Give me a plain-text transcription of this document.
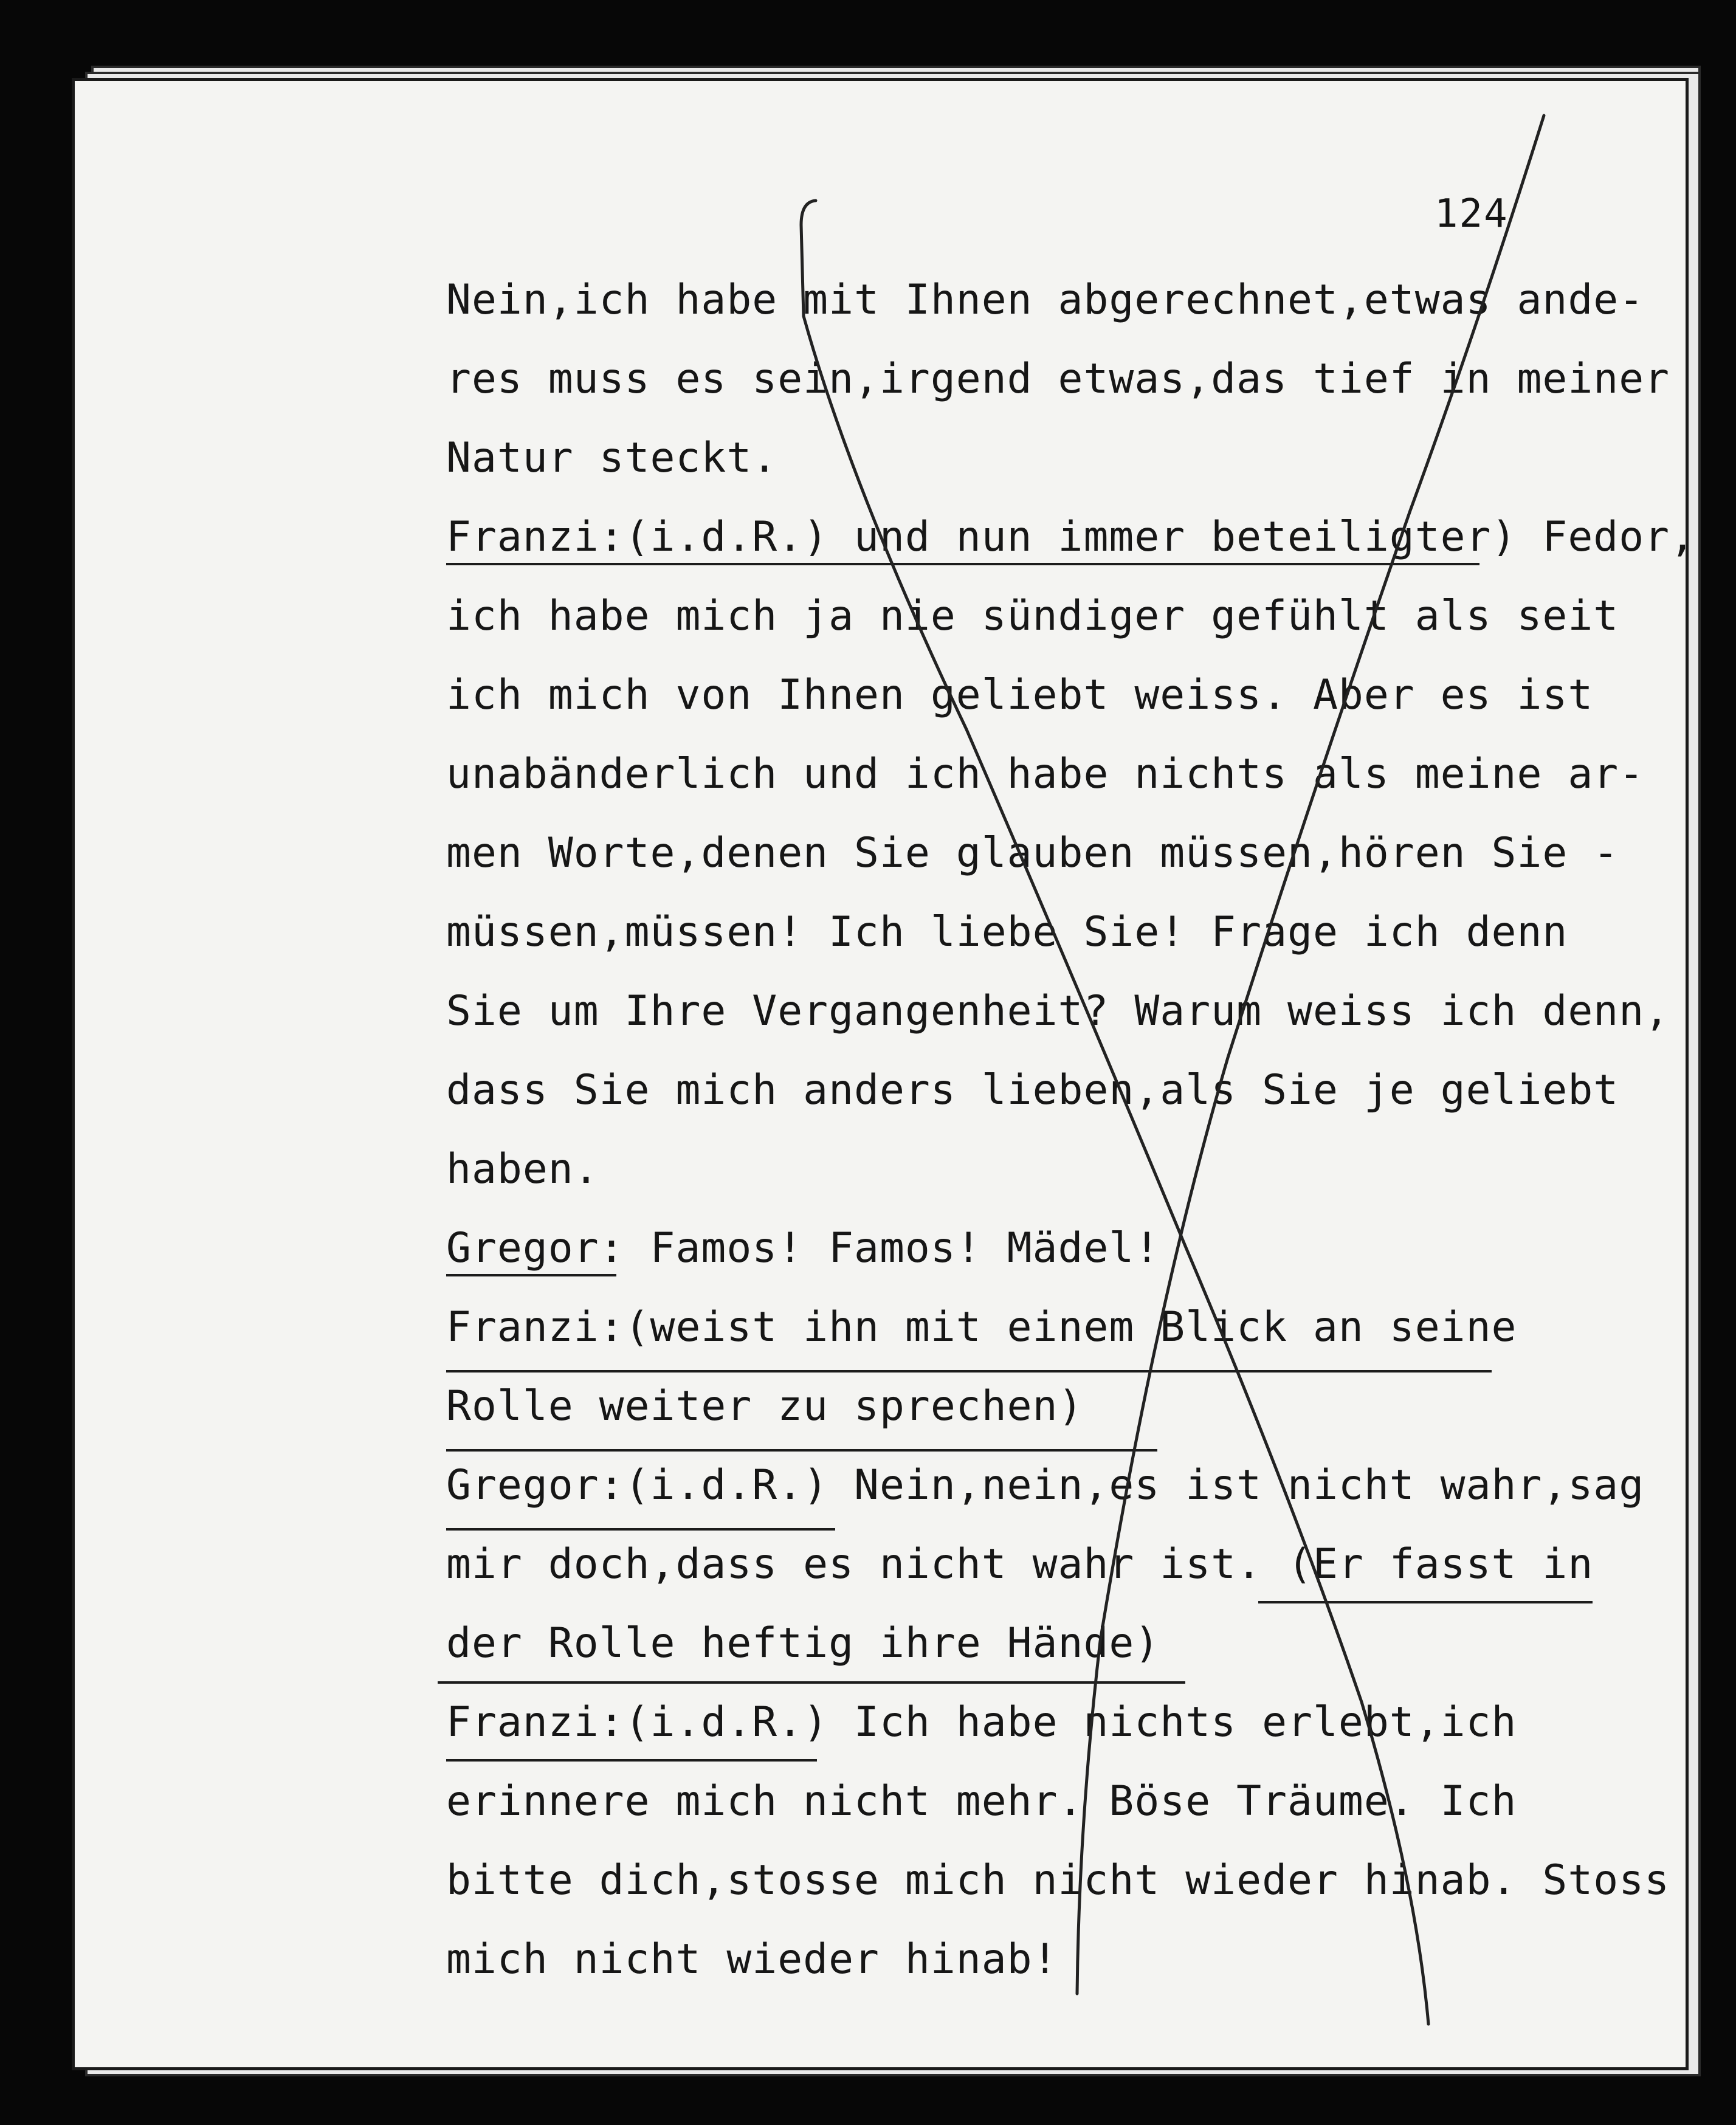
124

Nein,ich habe mit Ihnen abgerechnet,etwas ande-

res muss es sein,irgend etwas,das tief in meiner

Natur steckt.

Franzi:(i.d.R.) und nun immer beteiligter) Fedor,

ich habe mich ja nie sündiger gefühlt als seit

ich mich von Ihnen geliebt weiss. Aber es ist

unabänderlich und ich habe nichts als meine ar-

men Worte,denen Sie glauben müssen,hören Sie -

müssen,müssen! Ich liebe Sie! Frage ich denn

Sie um Ihre Vergangenheit? Warum weiss ich denn,

dass Sie mich anders lieben,als Sie je geliebt

haben.

Gregor: Famos! Famos! Mädel!

Franzi:(weist ihn mit einem Blick an seine

Rolle weiter zu sprechen)

Gregor:(i.d.R.) Nein,nein,es ist nicht wahr,sag

mir doch,dass es nicht wahr ist. (Er fasst in

der Rolle heftig ihre Hände)

Franzi:(i.d.R.) Ich habe nichts erlebt,ich

erinnere mich nicht mehr. Böse Träume. Ich

bitte dich,stosse mich nicht wieder hinab. Stoss

mich nicht wieder hinab!
